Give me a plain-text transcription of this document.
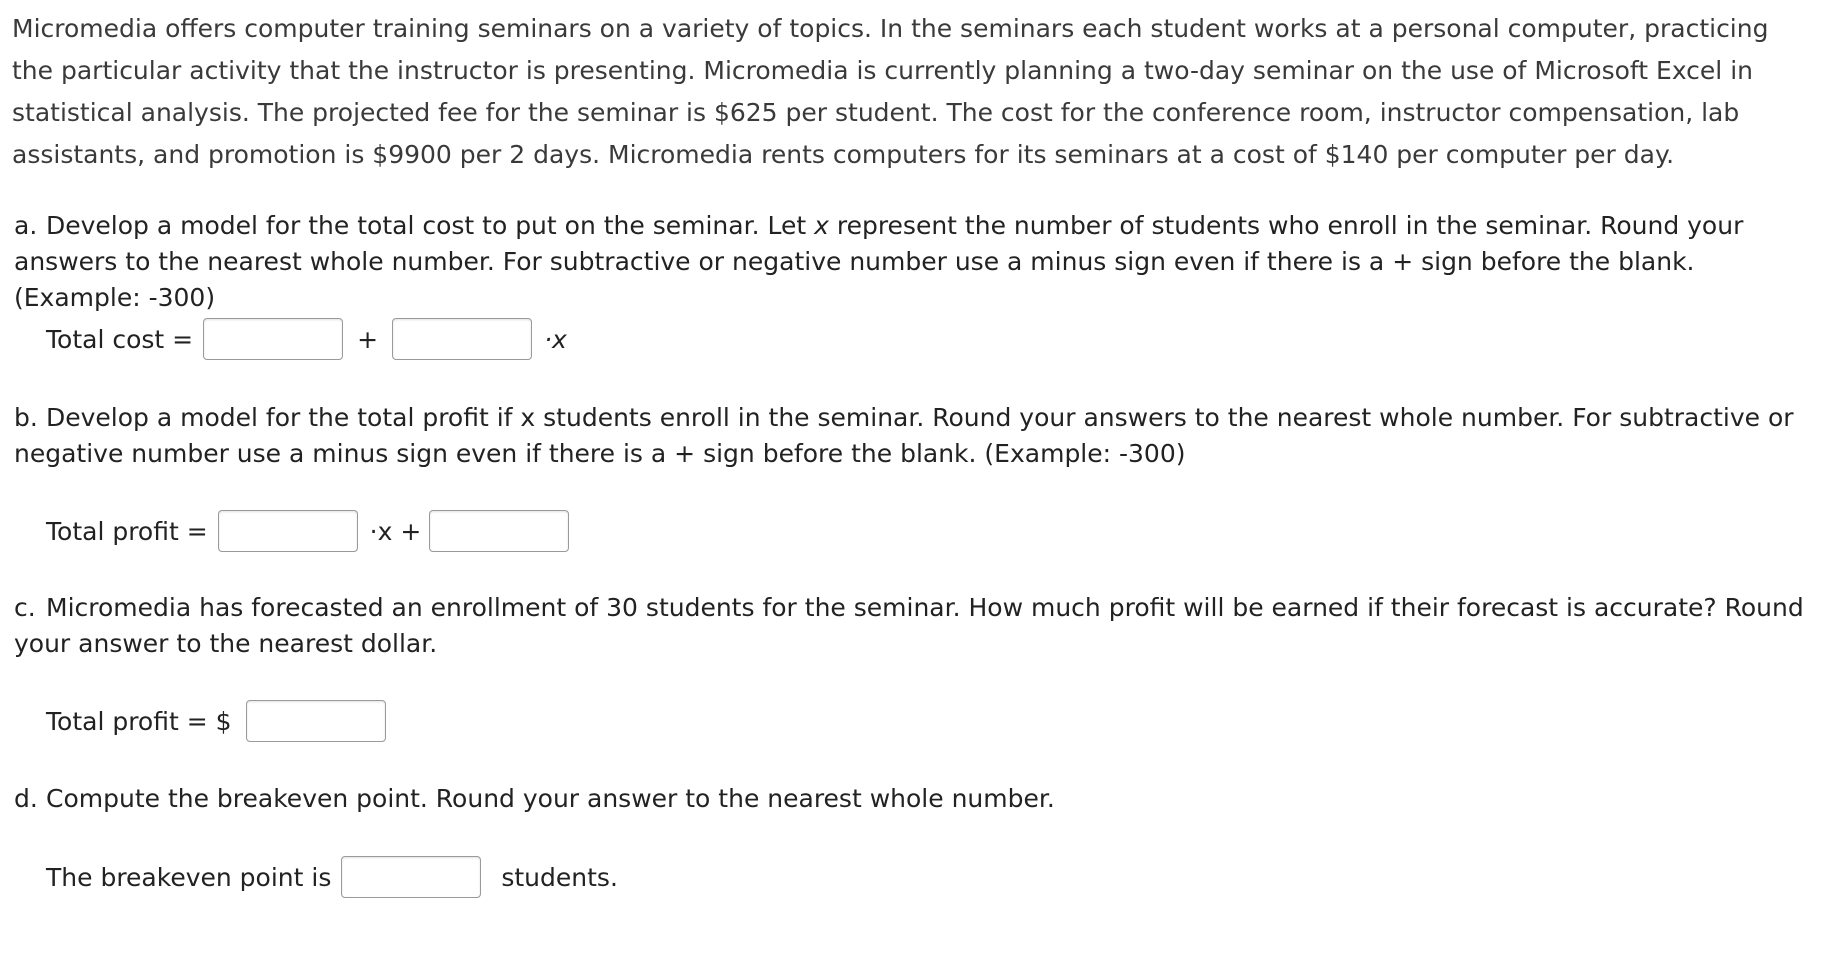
Micromedia offers computer training seminars on a variety of topics. In the seminars each student works at a personal computer, practicing the particular activity that the instructor is presenting. Micromedia is currently planning a two-day seminar on the use of Microsoft Excel in statistical analysis. The projected fee for the seminar is $625 per student. The cost for the conference room, instructor compensation, lab assistants, and promotion is $9900 per 2 days. Micromedia rents computers for its seminars at a cost of $140 per computer per day.

a. Develop a model for the total cost to put on the seminar. Let x represent the number of students who enroll in the seminar. Round your answers to the nearest whole number. For subtractive or negative number use a minus sign even if there is a + sign before the blank. (Example: -300)
Total cost =	+	·x
b. Develop a model for the total profit if x students enroll in the seminar. Round your answers to the nearest whole number. For subtractive or negative number use a minus sign even if there is a + sign before the blank. (Example: -300)
Total profit =	·x +
c. Micromedia has forecasted an enrollment of 30 students for the seminar. How much profit will be earned if their forecast is accurate? Round your answer to the nearest dollar.
Total profit = $
d. Compute the breakeven point. Round your answer to the nearest whole number.
The breakeven point is	students.
